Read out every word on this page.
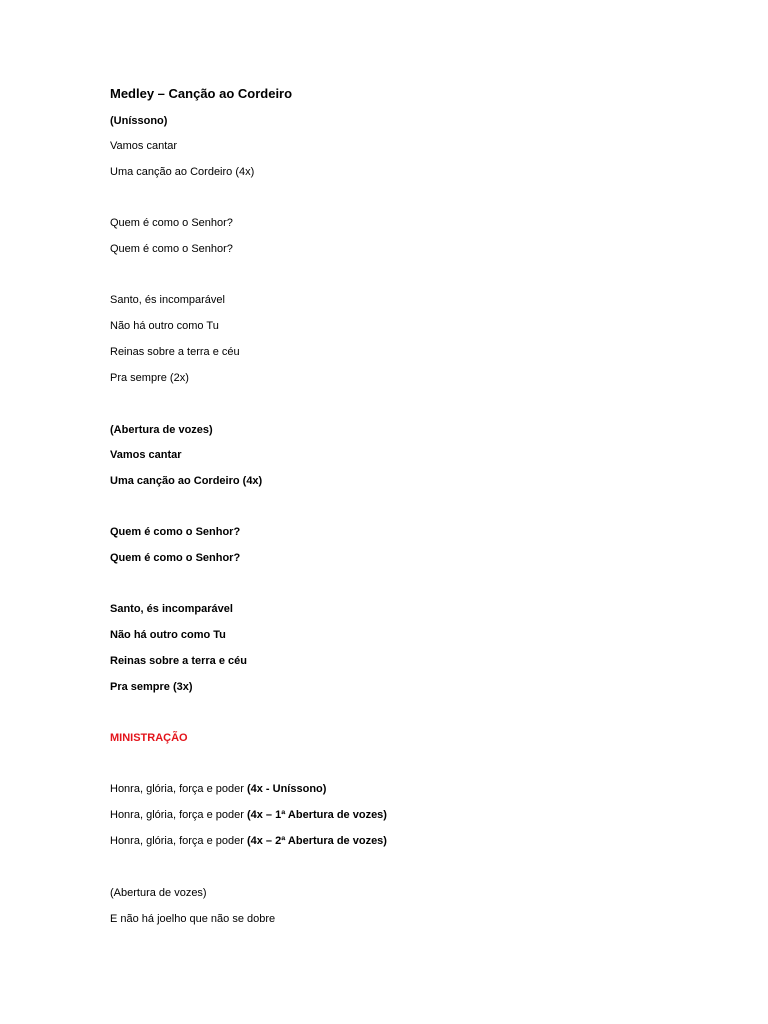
Medley – Canção ao Cordeiro
(Uníssono)
Vamos cantar
Uma canção ao Cordeiro (4x)
Quem é como o Senhor?
Quem é como o Senhor?
Santo, és incomparável
Não há outro como Tu
Reinas sobre a terra e céu
Pra sempre (2x)
(Abertura de vozes)
Vamos cantar
Uma canção ao Cordeiro (4x)
Quem é como o Senhor?
Quem é como o Senhor?
Santo, és incomparável
Não há outro como Tu
Reinas sobre a terra e céu
Pra sempre (3x)
MINISTRAÇÃO
Honra, glória, força e poder (4x - Uníssono)
Honra, glória, força e poder (4x – 1ª Abertura de vozes)
Honra, glória, força e poder (4x – 2ª Abertura de vozes)
(Abertura de vozes)
E não há joelho que não se dobre
